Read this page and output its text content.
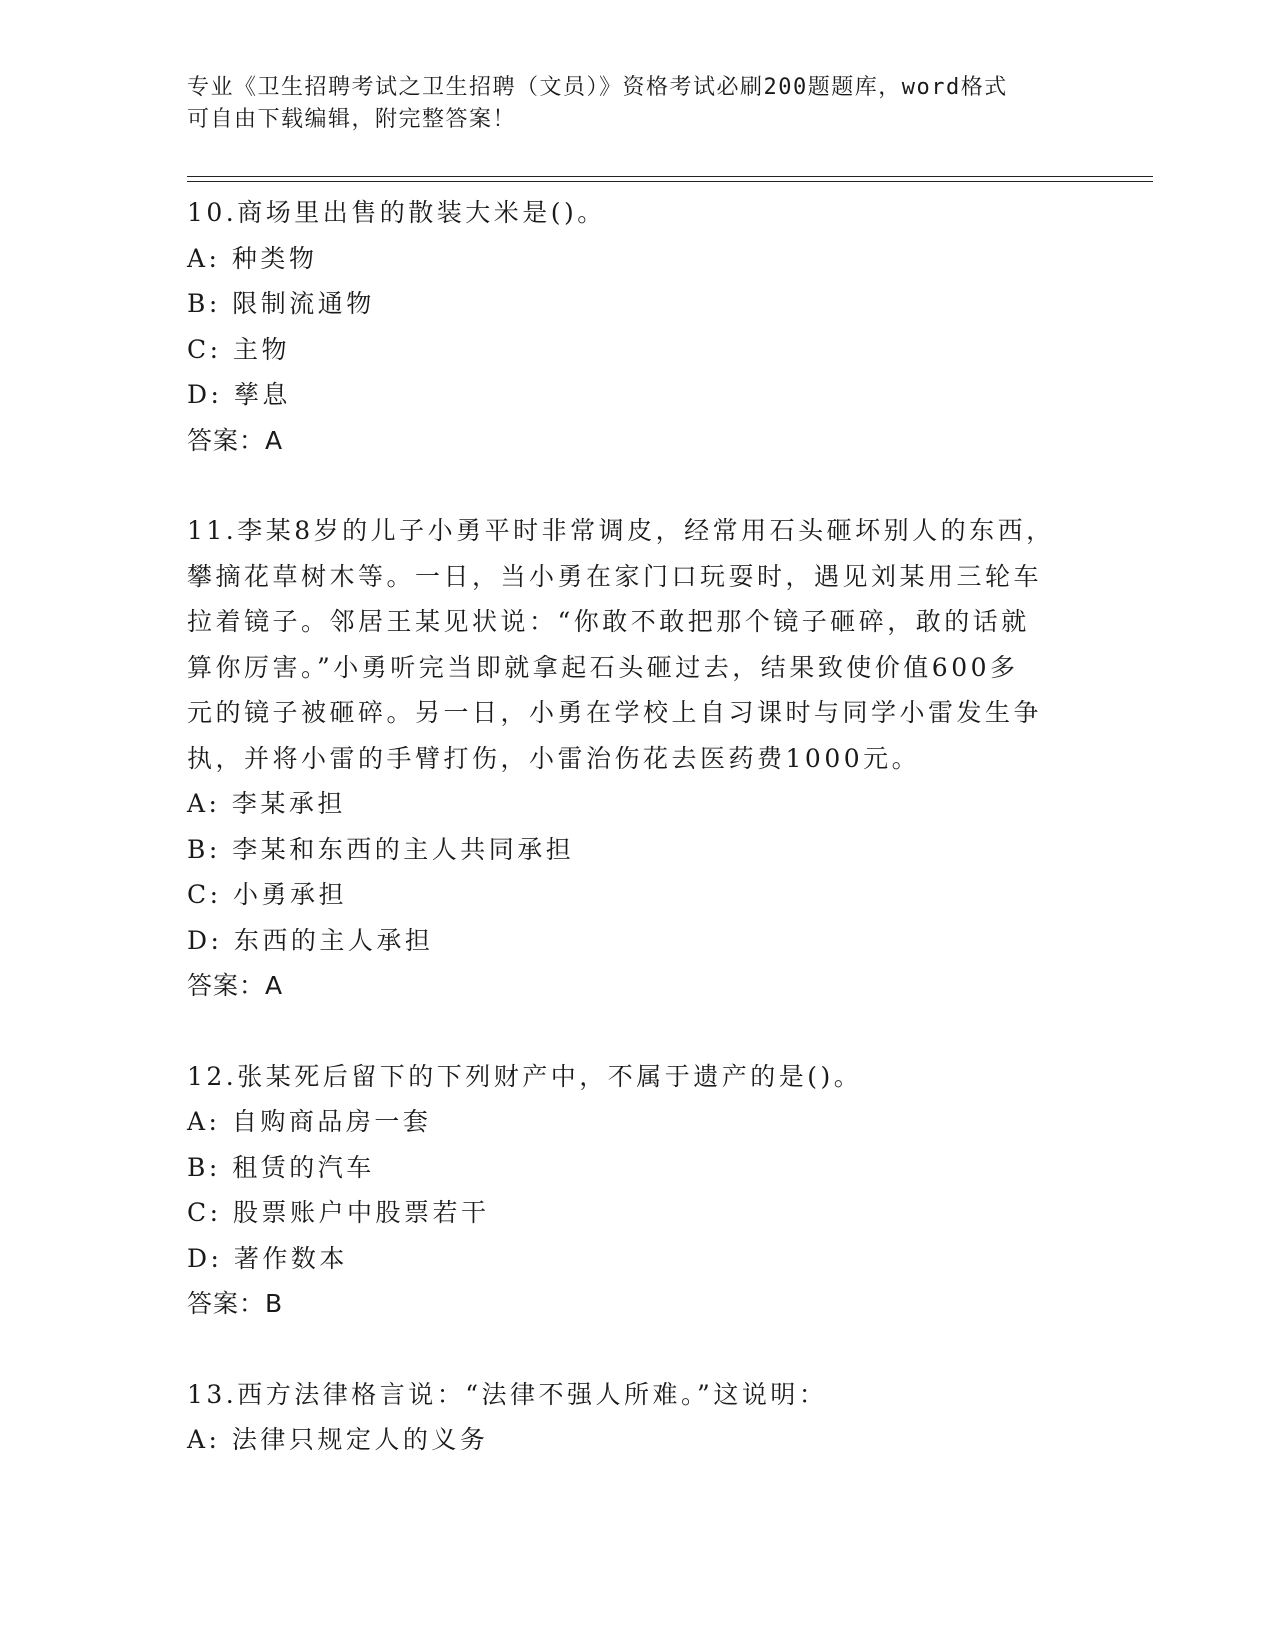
专业《卫生招聘考试之卫生招聘（文员）》资格考试必刷200题题库，word格式
可自由下载编辑，附完整答案！
10.商场里出售的散装大米是()。
A: 种类物
B: 限制流通物
C: 主物
D: 孳息
答案：A
11.李某8岁的儿子小勇平时非常调皮，经常用石头砸坏别人的东西，
攀摘花草树木等。一日，当小勇在家门口玩耍时，遇见刘某用三轮车
拉着镜子。邻居王某见状说：“你敢不敢把那个镜子砸碎，敢的话就
算你厉害。”小勇听完当即就拿起石头砸过去，结果致使价值600多
元的镜子被砸碎。另一日，小勇在学校上自习课时与同学小雷发生争
执，并将小雷的手臂打伤，小雷治伤花去医药费1000元。
A: 李某承担
B: 李某和东西的主人共同承担
C: 小勇承担
D: 东西的主人承担
答案：A
12.张某死后留下的下列财产中，不属于遗产的是()。
A: 自购商品房一套
B: 租赁的汽车
C: 股票账户中股票若干
D: 著作数本
答案：B
13.西方法律格言说：“法律不强人所难。”这说明：
A: 法律只规定人的义务
